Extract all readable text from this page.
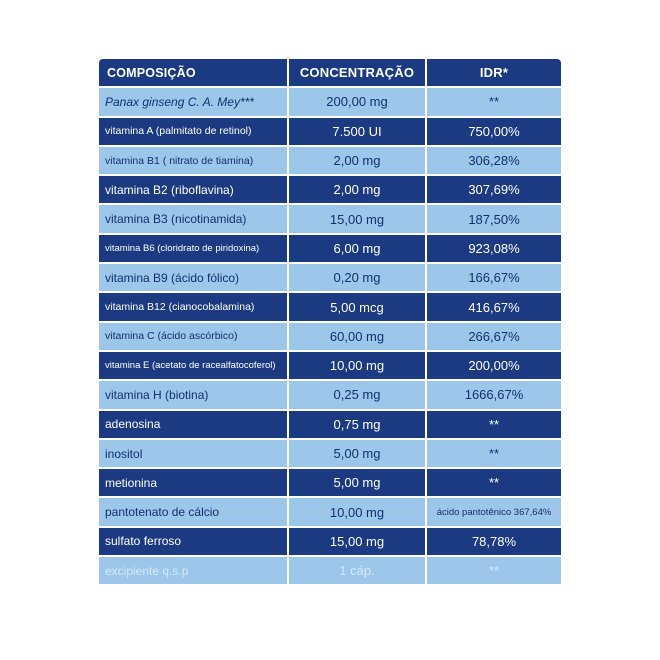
COMPOSIÇÃO	CONCENTRAÇÃO	IDR*
Panax ginseng C. A. Mey***	200,00 mg	**
vitamina A (palmitato de retinol)	7.500 UI	750,00%
vitamina B1 ( nitrato de tiamina)	2,00 mg	306,28%
vitamina B2 (riboflavina)	2,00 mg	307,69%
vitamina B3 (nicotinamida)	15,00 mg	187,50%
vitamina B6 (cloridrato de piridoxina)	6,00 mg	923,08%
vitamina B9 (ácido fólico)	0,20 mg	166,67%
vitamina B12 (cianocobalamina)	5,00 mcg	416,67%
vitamina C (ácido ascórbico)	60,00 mg	266,67%
vitamina E (acetato de racealfatocoferol)	10,00 mg	200,00%
vitamina H (biotina)	0,25 mg	1666,67%
adenosina	0,75 mg	**
inositol	5,00 mg	**
metionina	5,00 mg	**
pantotenato de cálcio	10,00 mg	ácido pantotênico 367,64%
sulfato ferroso	15,00 mg	78,78%
excipiente q.s.p	1 cáp.	**
